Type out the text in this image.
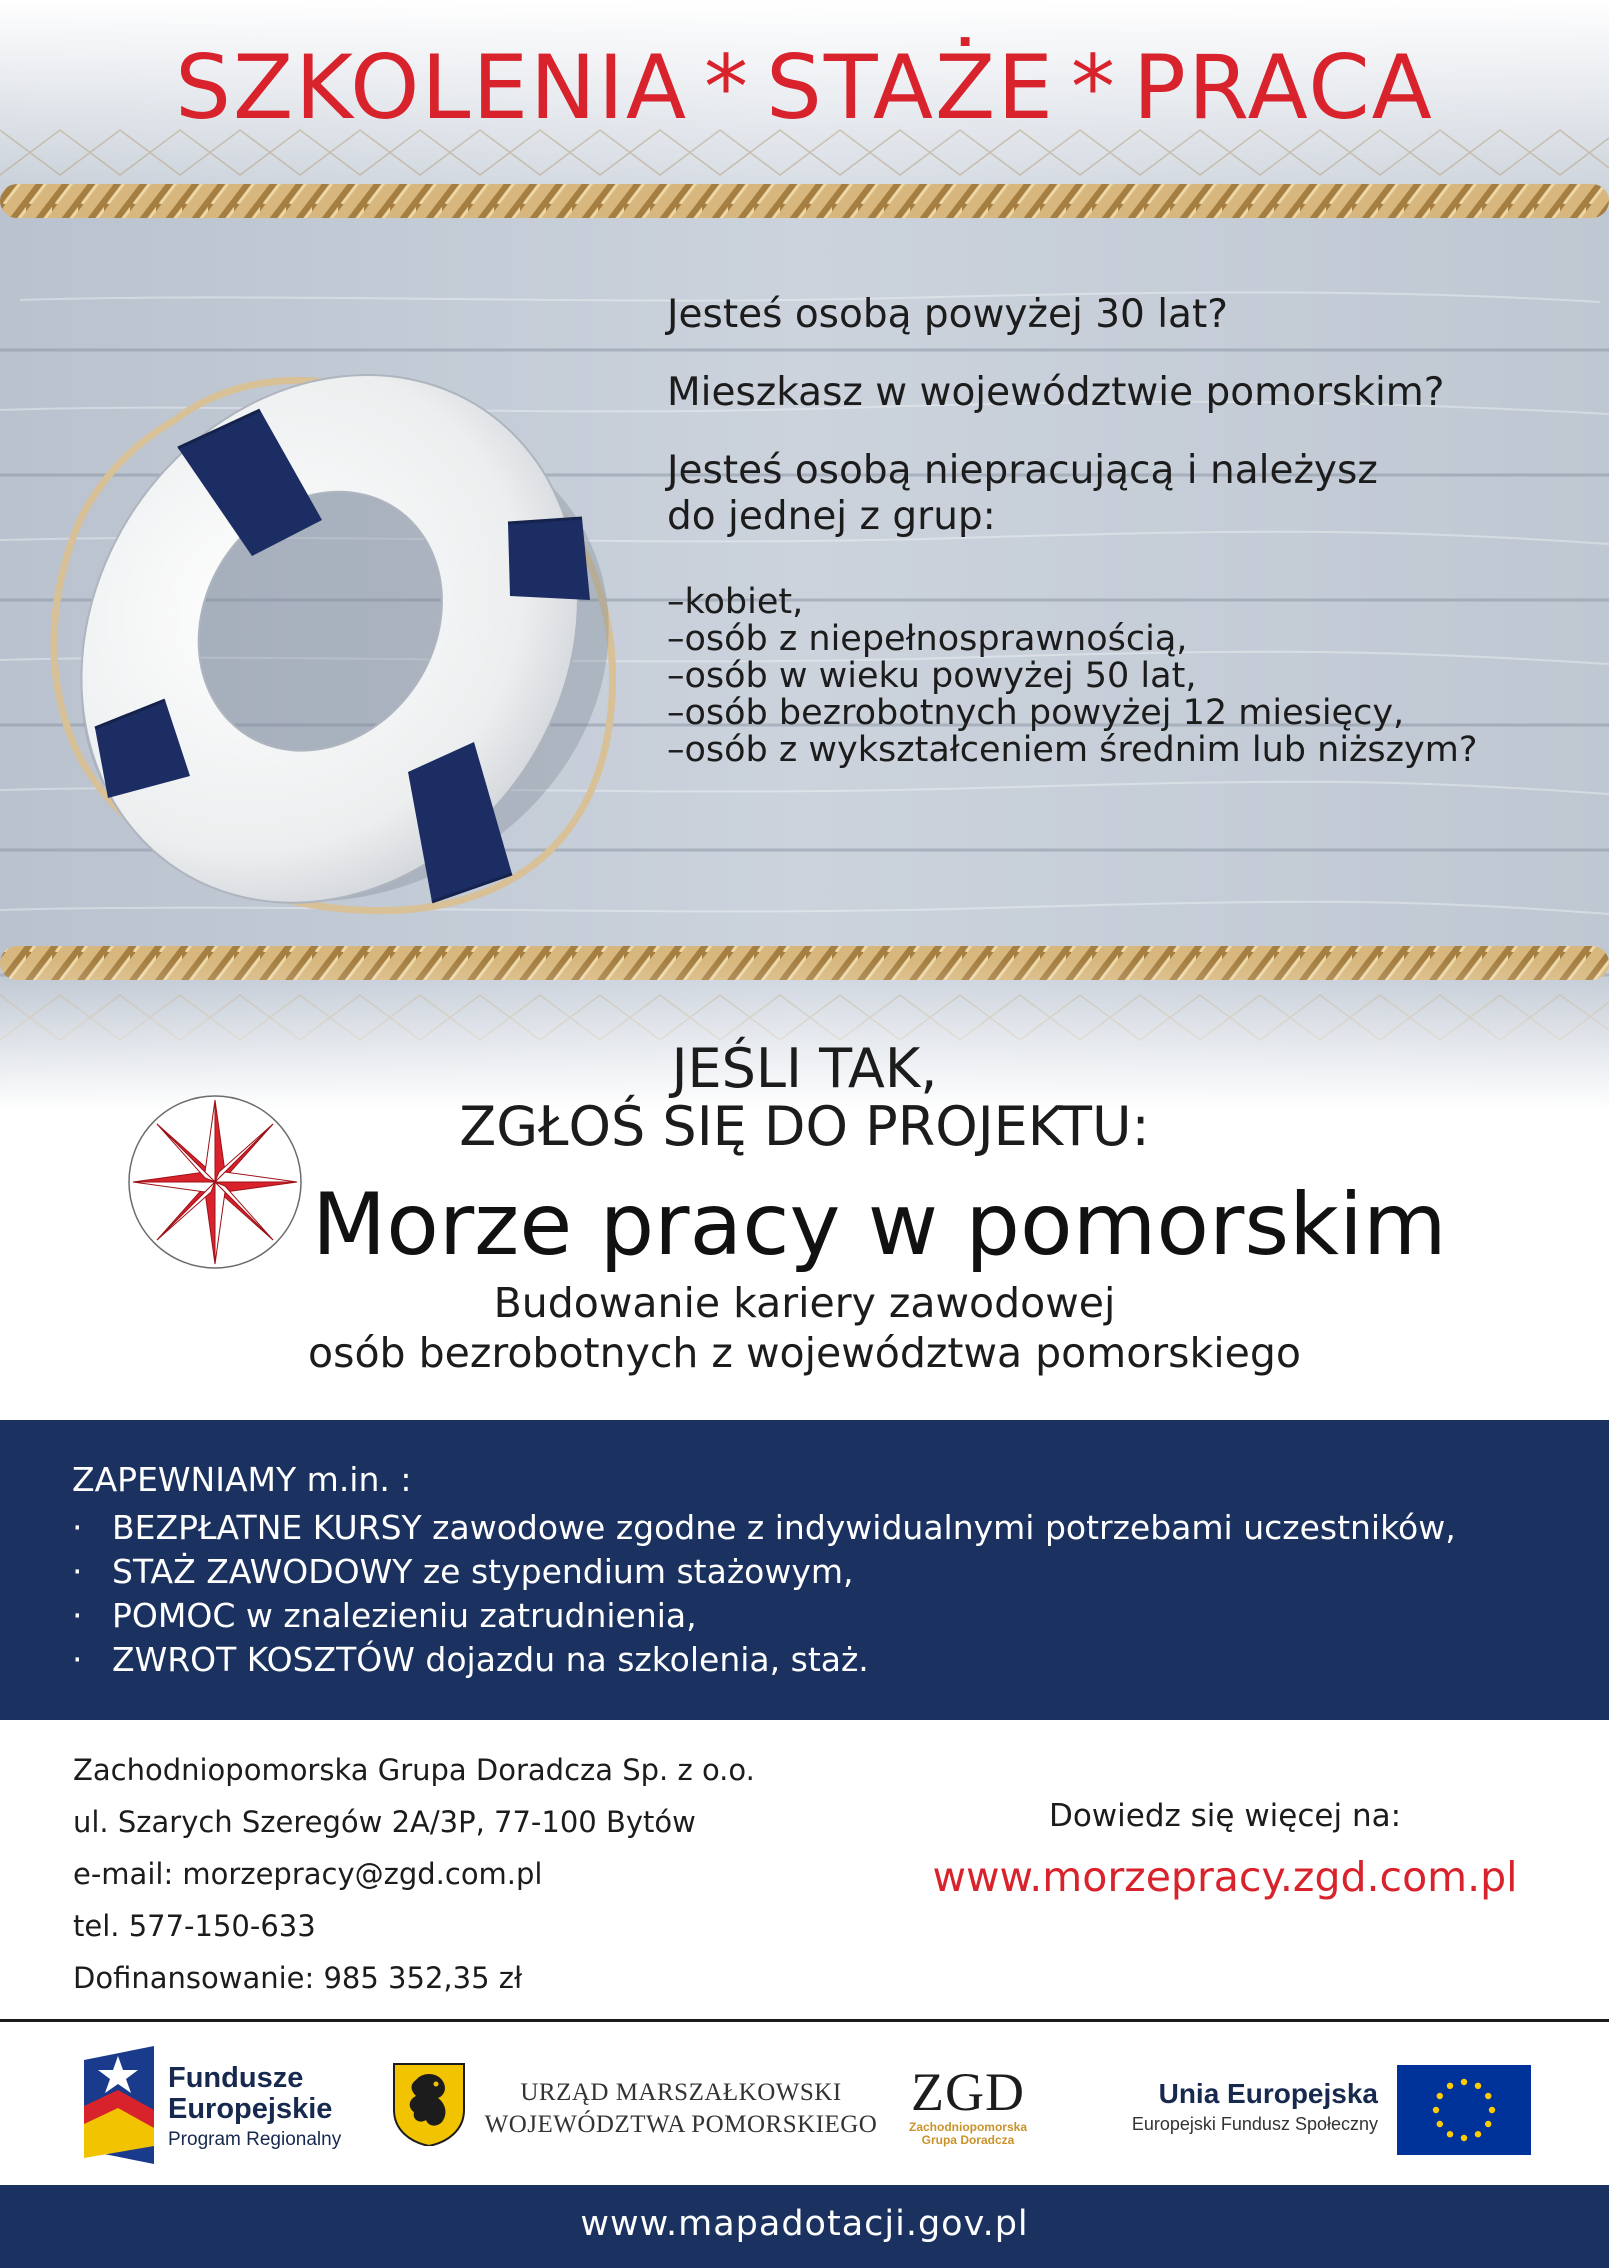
SZKOLENIA * STAŻE * PRACA
Jesteś osobą powyżej 30 lat?
Mieszkasz w województwie pomorskim?
Jesteś osobą niepracującą i należysz
do jednej z grup:
–kobiet,
–osób z niepełnosprawnością,
–osób w wieku powyżej 50 lat,
–osób bezrobotnych powyżej 12 miesięcy,
–osób z wykształceniem średnim lub niższym?
JEŚLI TAK,
ZGŁOŚ SIĘ DO PROJEKTU:
Morze pracy w pomorskim
Budowanie kariery zawodowej
osób bezrobotnych z województwa pomorskiego
ZAPEWNIAMY m.in. :
· BEZPŁATNE KURSY zawodowe zgodne z indywidualnymi potrzebami uczestników,
· STAŻ ZAWODOWY ze stypendium stażowym,
· POMOC w znalezieniu zatrudnienia,
· ZWROT KOSZTÓW dojazdu na szkolenia, staż.
Zachodniopomorska Grupa Doradcza Sp. z o.o.
ul. Szarych Szeregów 2A/3P, 77-100 Bytów
e-mail: morzepracy@zgd.com.pl
tel. 577-150-633
Dofinansowanie: 985 352,35 zł
Dowiedz się więcej na:
www.morzepracy.zgd.com.pl
Fundusze
Europejskie
Program Regionalny
URZĄD MARSZAŁKOWSKI
WOJEWÓDZTWA POMORSKIEGO
ZGD
Zachodniopomorska
Grupa Doradcza
Unia Europejska
Europejski Fundusz Społeczny
www.mapadotacji.gov.pl
